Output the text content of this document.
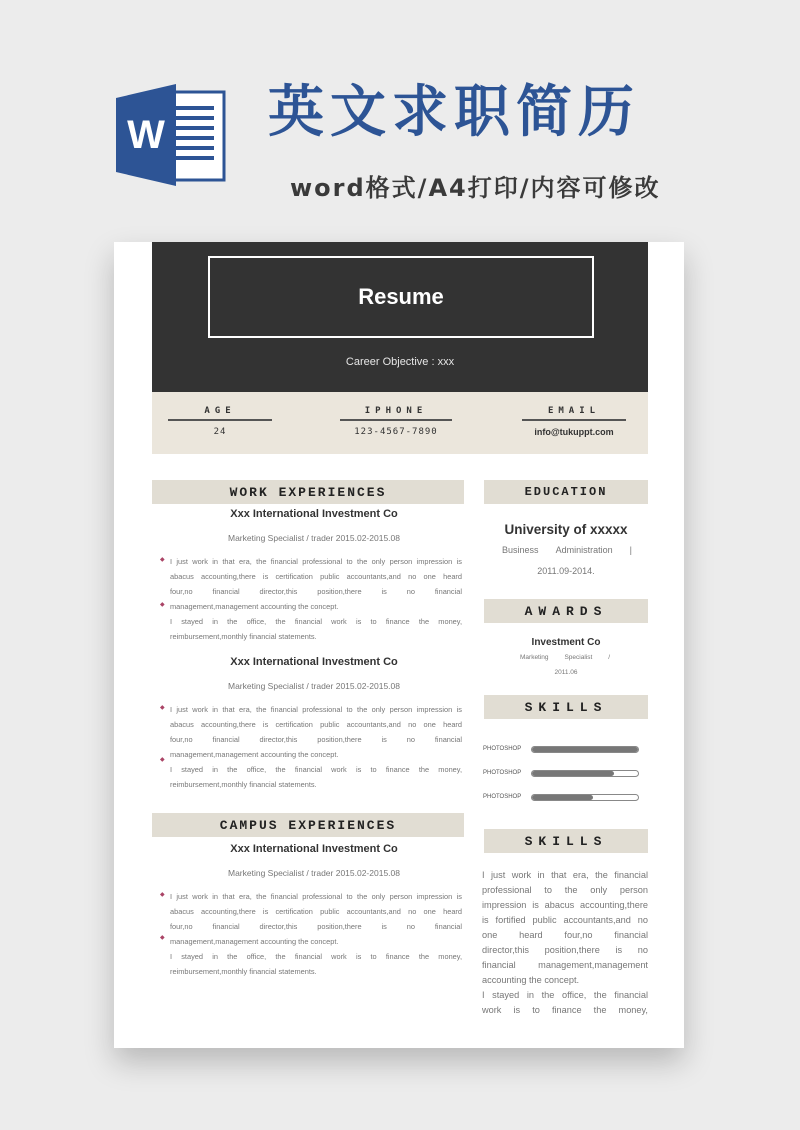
W 英文求职简历
word格式/A4打印/内容可修改
Resume
Career Objective : xxx
AGE
24
IPHONE
123-4567-7890
EMAIL
info@tukuppt.com
WORK EXPERIENCES
Xxx International Investment Co
Marketing Specialist / trader 2015.02-2015.08
◆
◆
I just work in that era, the financial professional to the only person impression is
abacus accounting,there is certification public accountants,and no one heard
four,no financial director,this position,there is no financial
management,management accounting the concept.
I stayed in the office, the financial work is to finance the money,
reimbursement,monthly financial statements.
Xxx International Investment Co
Marketing Specialist / trader 2015.02-2015.08
◆
◆
I just work in that era, the financial professional to the only person impression is
abacus accounting,there is certification public accountants,and no one heard
four,no financial director,this position,there is no financial
management,management accounting the concept.
I stayed in the office, the financial work is to finance the money,
reimbursement,monthly financial statements.
CAMPUS EXPERIENCES
Xxx International Investment Co
Marketing Specialist / trader 2015.02-2015.08
◆
◆
I just work in that era, the financial professional to the only person impression is
abacus accounting,there is certification public accountants,and no one heard
four,no financial director,this position,there is no financial
management,management accounting the concept.
I stayed in the office, the financial work is to finance the money,
reimbursement,monthly financial statements.
EDUCATION
University of xxxxx
Business Administration |
2011.09-2014.
AWARDS
Investment Co
Marketing Specialist /
2011.06
SKILLS
PHOTOSHOP
PHOTOSHOP
PHOTOSHOP
SKILLS
I just work in that era, the financial
professional to the only person
impression is abacus accounting,there
is fortified public accountants,and no
one heard four,no financial
director,this position,there is no
financial management,management
accounting the concept.
I stayed in the office, the financial
work is to finance the money,
